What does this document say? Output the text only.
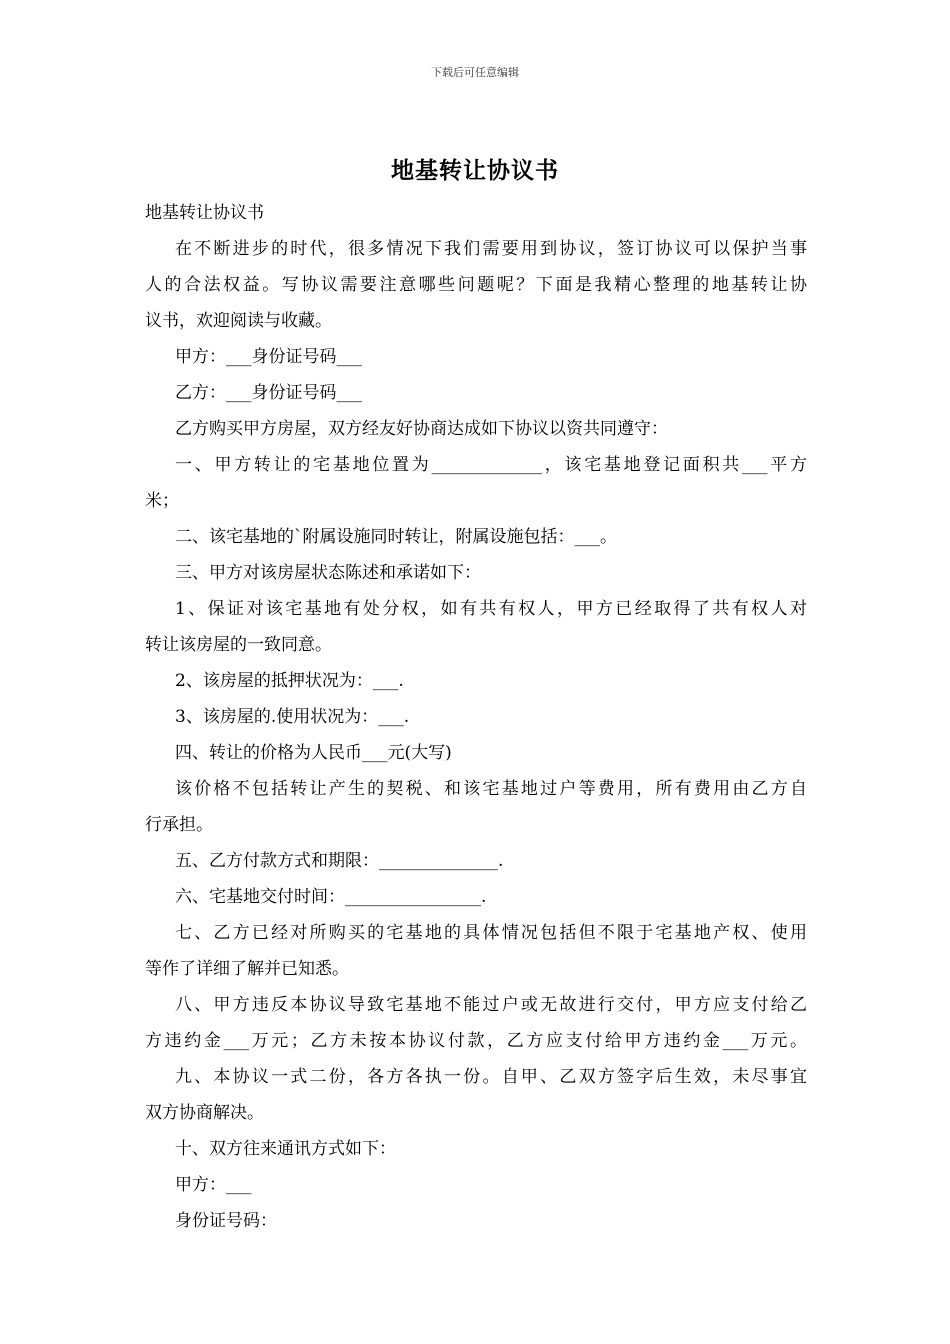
下载后可任意编辑
地基转让协议书
地基转让协议书
在不断进步的时代，很多情况下我们需要用到协议，签订协议可以保护当事
人的合法权益。写协议需要注意哪些问题呢？下面是我精心整理的地基转让协
议书，欢迎阅读与收藏。
甲方：___身份证号码___
乙方：___身份证号码___
乙方购买甲方房屋，双方经友好协商达成如下协议以资共同遵守：
一、甲方转让的宅基地位置为_____________，该宅基地登记面积共___平方
米；
二、该宅基地的`附属设施同时转让，附属设施包括：___。
三、甲方对该房屋状态陈述和承诺如下：
1、保证对该宅基地有处分权，如有共有权人，甲方已经取得了共有权人对
转让该房屋的一致同意。
2、该房屋的抵押状况为：___.
3、该房屋的.使用状况为：___.
四、转让的价格为人民币___元(大写)
该价格不包括转让产生的契税、和该宅基地过户等费用，所有费用由乙方自
行承担。
五、乙方付款方式和期限：______________.
六、宅基地交付时间：________________.
七、乙方已经对所购买的宅基地的具体情况包括但不限于宅基地产权、使用
等作了详细了解并已知悉。
八、甲方违反本协议导致宅基地不能过户或无故进行交付，甲方应支付给乙
方违约金___万元；乙方未按本协议付款，乙方应支付给甲方违约金___万元。
九、本协议一式二份，各方各执一份。自甲、乙双方签字后生效，未尽事宜
双方协商解决。
十、双方往来通讯方式如下：
甲方：___
身份证号码：
